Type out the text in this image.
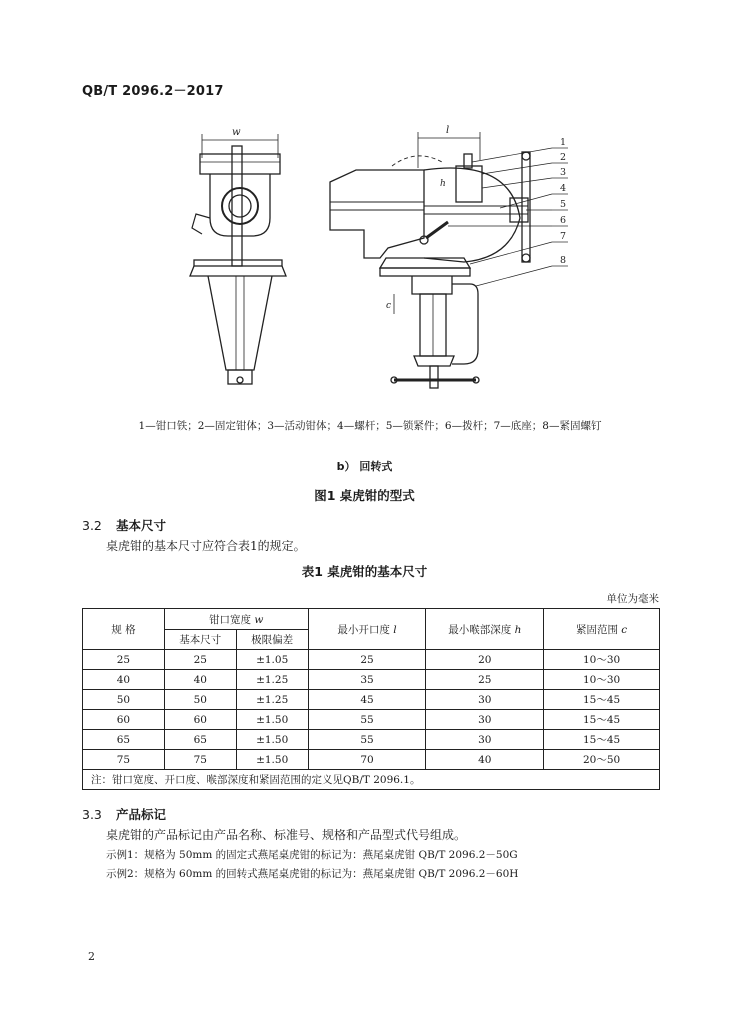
QB/T 2096.2－2017
w	l
h
c
1
2
3
4
5
6
7
8
1—钳口铁；2—固定钳体；3—活动钳体；4—螺杆；5—锁紧件；6—拨杆；7—底座；8—紧固螺钉
b） 回转式
图1 桌虎钳的型式
3.2 基本尺寸
桌虎钳的基本尺寸应符合表1的规定。
表1 桌虎钳的基本尺寸
单位为毫米
规 格	钳口宽度 w		最小开口度 l	最小喉部深度 h	紧固范围 c
	基本尺寸	极限偏差			
25	25	±1.05	25	20	10～30
40	40	±1.25	35	25	10～30
50	50	±1.25	45	30	15～45
60	60	±1.50	55	30	15～45
65	65	±1.50	55	30	15～45
75	75	±1.50	70	40	20～50
注：钳口宽度、开口度、喉部深度和紧固范围的定义见QB/T 2096.1。					
3.3 产品标记
桌虎钳的产品标记由产品名称、标准号、规格和产品型式代号组成。
示例1：规格为 50mm 的固定式燕尾桌虎钳的标记为：燕尾桌虎钳 QB/T 2096.2－50G
示例2：规格为 60mm 的回转式燕尾桌虎钳的标记为：燕尾桌虎钳 QB/T 2096.2－60H
2
